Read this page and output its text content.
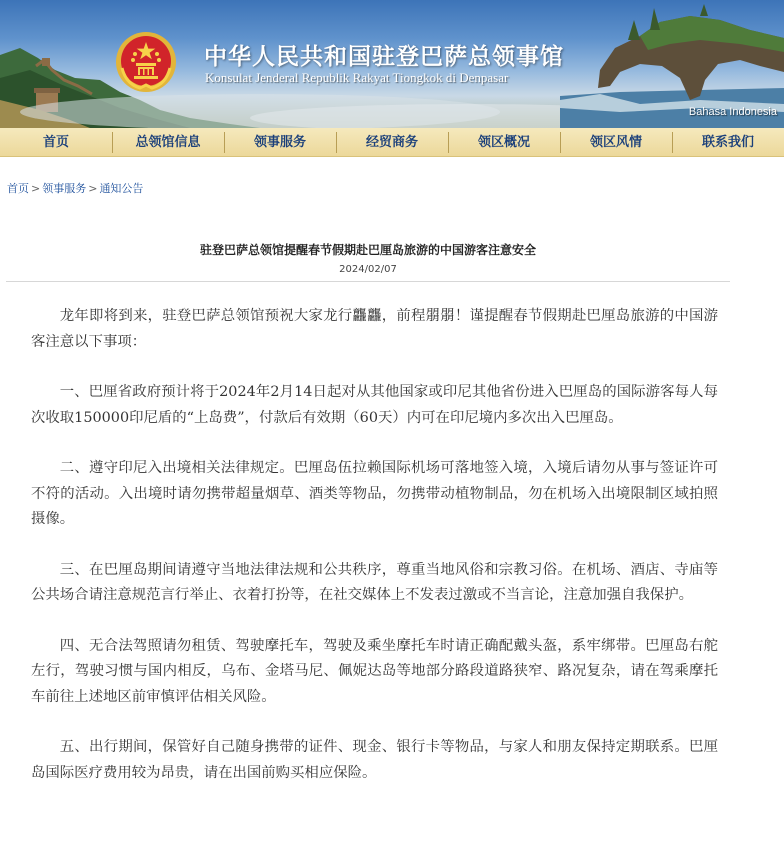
中华人民共和国驻登巴萨总领事馆
Konsulat Jenderal Republik Rakyat Tiongkok di Denpasar
Bahasa Indonesia
首页	总领馆信息	领事服务	经贸商务	领区概况	领区风情	联系我们
首页 > 领事服务 > 通知公告
驻登巴萨总领馆提醒春节假期赴巴厘岛旅游的中国游客注意安全
2024/02/07

龙年即将到来，驻登巴萨总领馆预祝大家龙行龘龘，前程朤朤！谨提醒春节假期赴巴厘岛旅游的中国游客注意以下事项：

一、巴厘省政府预计将于2024年2月14日起对从其他国家或印尼其他省份进入巴厘岛的国际游客每人每次收取150000印尼盾的“上岛费”，付款后有效期（60天）内可在印尼境内多次出入巴厘岛。

二、遵守印尼入出境相关法律规定。巴厘岛伍拉赖国际机场可落地签入境，入境后请勿从事与签证许可不符的活动。入出境时请勿携带超量烟草、酒类等物品，勿携带动植物制品，勿在机场入出境限制区域拍照摄像。

三、在巴厘岛期间请遵守当地法律法规和公共秩序，尊重当地风俗和宗教习俗。在机场、酒店、寺庙等公共场合请注意规范言行举止、衣着打扮等，在社交媒体上不发表过激或不当言论，注意加强自我保护。

四、无合法驾照请勿租赁、驾驶摩托车，驾驶及乘坐摩托车时请正确配戴头盔，系牢绑带。巴厘岛右舵左行，驾驶习惯与国内相反，乌布、金塔马尼、佩妮达岛等地部分路段道路狭窄、路况复杂，请在驾乘摩托车前往上述地区前审慎评估相关风险。

五、出行期间，保管好自己随身携带的证件、现金、银行卡等物品，与家人和朋友保持定期联系。巴厘岛国际医疗费用较为昂贵，请在出国前购买相应保险。
